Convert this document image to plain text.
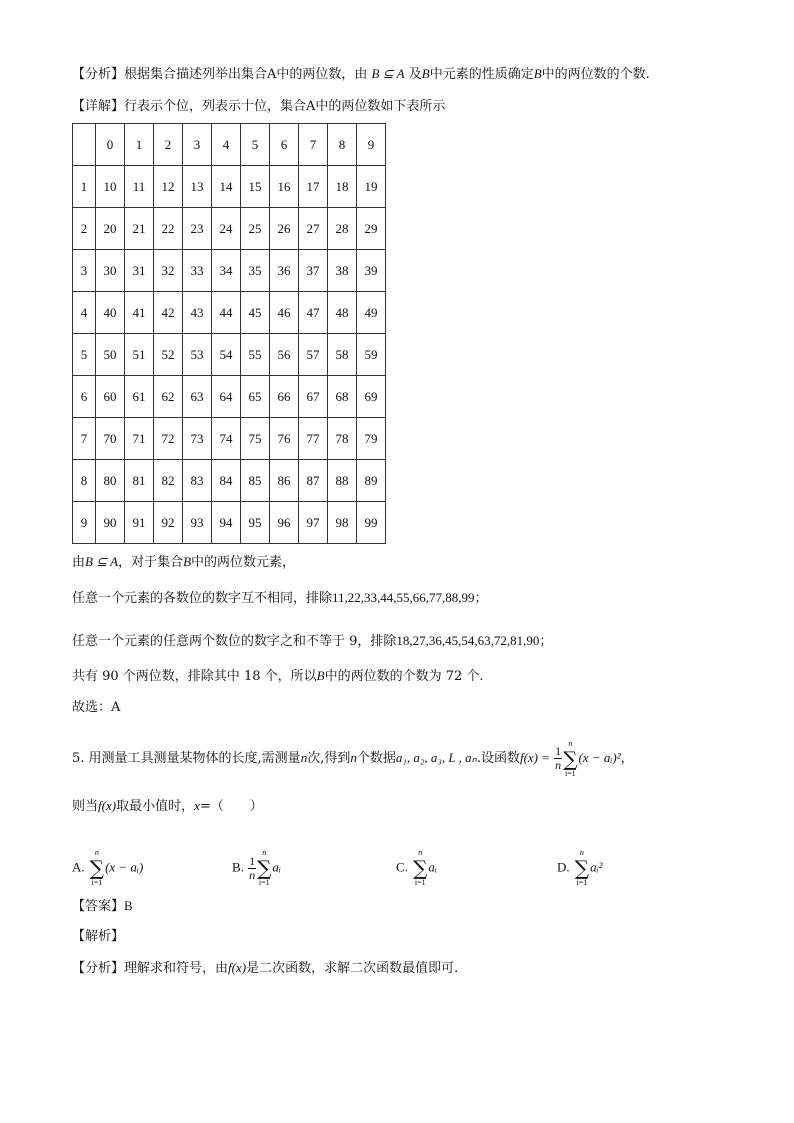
【分析】根据集合描述列举出集合A中的两位数，由 B ⊆ A 及B中元素的性质确定B中的两位数的个数.
【详解】行表示个位，列表示十位，集合A中的两位数如下表所示
	0	1	2	3	4	5	6	7	8	9
1	10	11	12	13	14	15	16	17	18	19
2	20	21	22	23	24	25	26	27	28	29
3	30	31	32	33	34	35	36	37	38	39
4	40	41	42	43	44	45	46	47	48	49
5	50	51	52	53	54	55	56	57	58	59
6	60	61	62	63	64	65	66	67	68	69
7	70	71	72	73	74	75	76	77	78	79
8	80	81	82	83	84	85	86	87	88	89
9	90	91	92	93	94	95	96	97	98	99
由B ⊆ A，对于集合B中的两位数元素，
任意一个元素的各数位的数字互不相同，排除11,22,33,44,55,66,77,88,99；
任意一个元素的任意两个数位的数字之和不等于 9，排除18,27,36,45,54,63,72,81,90；
共有 90 个两位数，排除其中 18 个，所以B中的两位数的个数为 72 个.
故选：A
5. 用测量工具测量某物体的长度,需测量n次,得到n个数据a₁, a₂, a₃, L , aₙ.设函数$f(x) = \frac{1}{n}$
n
∑
i=1
(x − aᵢ)²，
则当f(x)取最小值时，x=（　　）
A.
n
∑
i=1
(x − aᵢ)	B. $\frac{1}{n}$
n
∑
i=1
aᵢ	C.
n
∑
i=1
aᵢ	D.
n
∑
i=1
aᵢ²
【答案】B
【解析】
【分析】理解求和符号，由f(x)是二次函数，求解二次函数最值即可.
